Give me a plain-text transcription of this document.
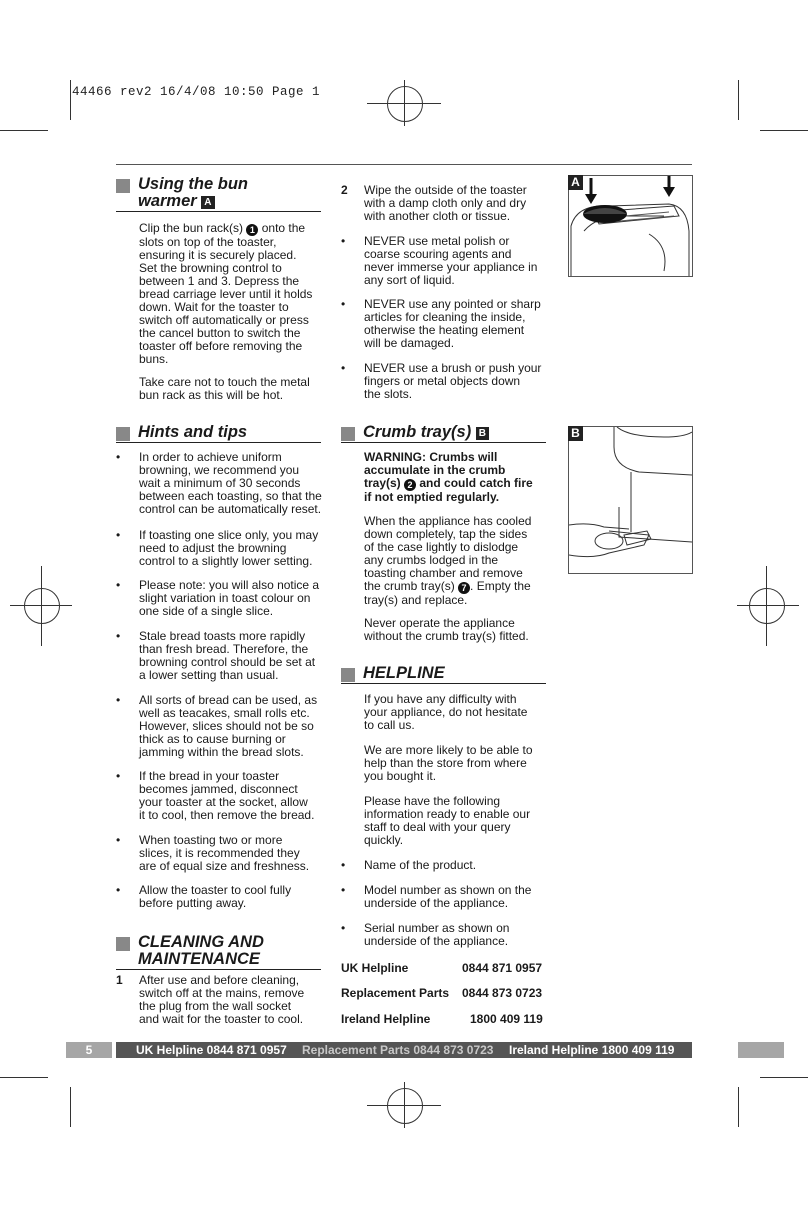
44466 rev2 16/4/08 10:50 Page 1
Using the bun
warmer A
Clip the bun rack(s) 1 onto the
slots on top of the toaster,
ensuring it is securely placed.
Set the browning control to
between 1 and 3. Depress the
bread carriage lever until it holds
down. Wait for the toaster to
switch off automatically or press
the cancel button to switch the
toaster off before removing the
buns.
Take care not to touch the metal
bun rack as this will be hot.
Hints and tips
• In order to achieve uniform
browning, we recommend you
wait a minimum of 30 seconds
between each toasting, so that the
control can be automatically reset.
• If toasting one slice only, you may
need to adjust the browning
control to a slightly lower setting.
• Please note: you will also notice a
slight variation in toast colour on
one side of a single slice.
• Stale bread toasts more rapidly
than fresh bread. Therefore, the
browning control should be set at
a lower setting than usual.
• All sorts of bread can be used, as
well as teacakes, small rolls etc.
However, slices should not be so
thick as to cause burning or
jamming within the bread slots.
• If the bread in your toaster
becomes jammed, disconnect
your toaster at the socket, allow
it to cool, then remove the bread.
• When toasting two or more
slices, it is recommended they
are of equal size and freshness.
• Allow the toaster to cool fully
before putting away.
CLEANING AND
MAINTENANCE
1 After use and before cleaning,
switch off at the mains, remove
the plug from the wall socket
and wait for the toaster to cool.
2 Wipe the outside of the toaster
with a damp cloth only and dry
with another cloth or tissue.
• NEVER use metal polish or
coarse scouring agents and
never immerse your appliance in
any sort of liquid.
• NEVER use any pointed or sharp
articles for cleaning the inside,
otherwise the heating element
will be damaged.
• NEVER use a brush or push your
fingers or metal objects down
the slots.
Crumb tray(s) B
WARNING: Crumbs will
accumulate in the crumb
tray(s) 2 and could catch fire
if not emptied regularly.
When the appliance has cooled
down completely, tap the sides
of the case lightly to dislodge
any crumbs lodged in the
toasting chamber and remove
the crumb tray(s) 7 . Empty the
tray(s) and replace.
Never operate the appliance
without the crumb tray(s) fitted.
HELPLINE
If you have any difficulty with
your appliance, do not hesitate
to call us.
We are more likely to be able to
help than the store from where
you bought it.
Please have the following
information ready to enable our
staff to deal with your query
quickly.
• Name of the product.
• Model number as shown on the
underside of the appliance.
• Serial number as shown on
underside of the appliance.
UK Helpline	0844 871 0957
Replacement Parts 0844 873 0723
Ireland Helpline	1800 409 119
A
B
5	UK Helpline 0844 871 0957 Replacement Parts 0844 873 0723 Ireland Helpline 1800 409 119
